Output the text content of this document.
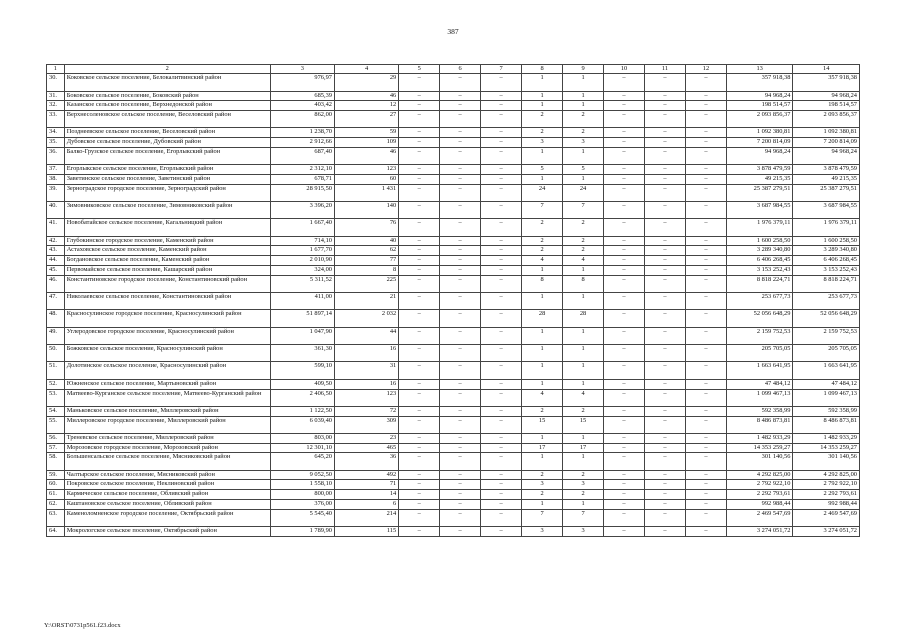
387
1	2	3	4	5	6	7	8	9	10	11	12	13	14
30.	Коковское сельское поселение, Белокалитвинский район	976,97	29	–	–	–	1	1	–	–	–	357 918,38	357 918,38
31.	Боковское сельское поселение, Боковский район	685,39	46	–	–	–	1	1	–	–	–	94 968,24	94 968,24
32.	Казанское сельское поселение, Верхнедонской район	403,42	12	–	–	–	1	1	–	–	–	198 514,57	198 514,57
33.	Верхнесоленовское сельское поселение, Веселовский район	862,00	27	–	–	–	2	2	–	–	–	2 093 856,37	2 093 856,37
34.	Позднеевское сельское поселение, Веселовский район	1 238,70	59	–	–	–	2	2	–	–	–	1 092 380,81	1 092 380,81
35.	Дубовское сельское поселение, Дубовский район	2 912,66	109	–	–	–	3	3	–	–	–	7 200 814,09	7 200 814,09
36.	Балко-Грузское сельское поселение, Егорлыкский район	687,40	46	–	–	–	1	1	–	–	–	94 968,24	94 968,24
37.	Егорлыкское сельское поселение, Егорлыкский район	2 312,10	123	–	–	–	5	5	–	–	–	3 878 479,59	3 878 479,59
38.	Заветинское сельское поселение, Заветинский район	678,71	60	–	–	–	1	1	–	–	–	49 215,35	49 215,35
39.	Зерноградское городское поселение, Зерноградский район	28 915,50	1 431	–	–	–	24	24	–	–	–	25 387 279,51	25 387 279,51
40.	Зимовниковское сельское поселение, Зимовниковский район	3 396,20	140	–	–	–	7	7	–	–	–	3 687 984,55	3 687 984,55
41.	Новобатайское сельское поселение, Кагальницкий район	1 667,40	76	–	–	–	2	2	–	–	–	1 976 379,11	1 976 379,11
42.	Глубокинское городское поселение, Каменский район	714,10	40	–	–	–	2	2	–	–	–	1 600 258,50	1 600 258,50
43.	Астаховское сельское поселение, Каменский район	1 677,70	62	–	–	–	2	2	–	–	–	3 289 340,80	3 289 340,80
44.	Богдановское сельское поселение, Каменский район	2 010,90	77	–	–	–	4	4	–	–	–	6 406 268,45	6 406 268,45
45.	Первомайское сельское поселение, Кашарский район	324,00	8	–	–	–	1	1	–	–	–	3 153 252,43	3 153 252,43
46.	Константиновское городское поселение, Константиновский район	5 311,52	225	–	–	–	8	8	–	–	–	8 818 224,71	8 818 224,71
47.	Николаевское сельское поселение, Константиновский район	411,00	21	–	–	–	1	1	–	–	–	253 677,73	253 677,73
48.	Красносулинское городское поселение, Красносулинский район	51 897,14	2 032	–	–	–	28	28	–	–	–	52 056 648,29	52 056 648,29
49.	Углеродовское городское поселение, Красносулинский район	1 047,90	44	–	–	–	1	1	–	–	–	2 159 752,53	2 159 752,53
50.	Божковское сельское поселение, Красносулинский район	361,30	16	–	–	–	1	1	–	–	–	205 705,05	205 705,05
51.	Долотинское сельское поселение, Красносулинский район	599,10	31	–	–	–	1	1	–	–	–	1 663 641,95	1 663 641,95
52.	Южненское сельское поселение, Мартыновский район	409,50	16	–	–	–	1	1	–	–	–	47 484,12	47 484,12
53.	Матвеево-Курганское сельское поселение, Матвеево-Курганский район	2 406,50	123	–	–	–	4	4	–	–	–	1 099 467,13	1 099 467,13
54.	Маньковское сельское поселение, Миллеровский район	1 122,50	72	–	–	–	2	2	–	–	–	592 358,99	592 358,99
55.	Миллеровское городское поселение, Миллеровский район	6 039,40	309	–	–	–	15	15	–	–	–	8 486 873,81	8 486 873,81
56.	Треневское сельское поселение, Миллеровский район	803,00	23	–	–	–	1	1	–	–	–	1 482 933,29	1 482 933,29
57.	Морозовское городское поселение, Морозовский район	12 301,10	465	–	–	–	17	17	–	–	–	14 353 259,27	14 353 259,27
58.	Большенсальское сельское поселение, Мясниковский район	645,20	36	–	–	–	1	1	–	–	–	301 140,56	301 140,56
59.	Чалтырское сельское поселение, Мясниковский район	9 052,50	492	–	–	–	2	2	–	–	–	4 292 825,00	4 292 825,00
60.	Покровское сельское поселение, Неклиновский район	1 558,10	71	–	–	–	3	3	–	–	–	2 792 922,10	2 792 922,10
61.	Кармическое сельское поселение, Обливский район	800,00	14	–	–	–	2	2	–	–	–	2 292 793,61	2 292 793,61
62.	Каштановское сельское поселение, Обливский район	376,00	6	–	–	–	1	1	–	–	–	992 988,44	992 988,44
63.	Каменоломненское городское поселение, Октябрьский район	5 545,40	214	–	–	–	7	7	–	–	–	2 469 547,69	2 469 547,69
64.	Мокрологское сельское поселение, Октябрьский район	1 789,90	115	–	–	–	3	3	–	–	–	3 274 051,72	3 274 051,72
Y:\ORST\0731p561.f23.docx
